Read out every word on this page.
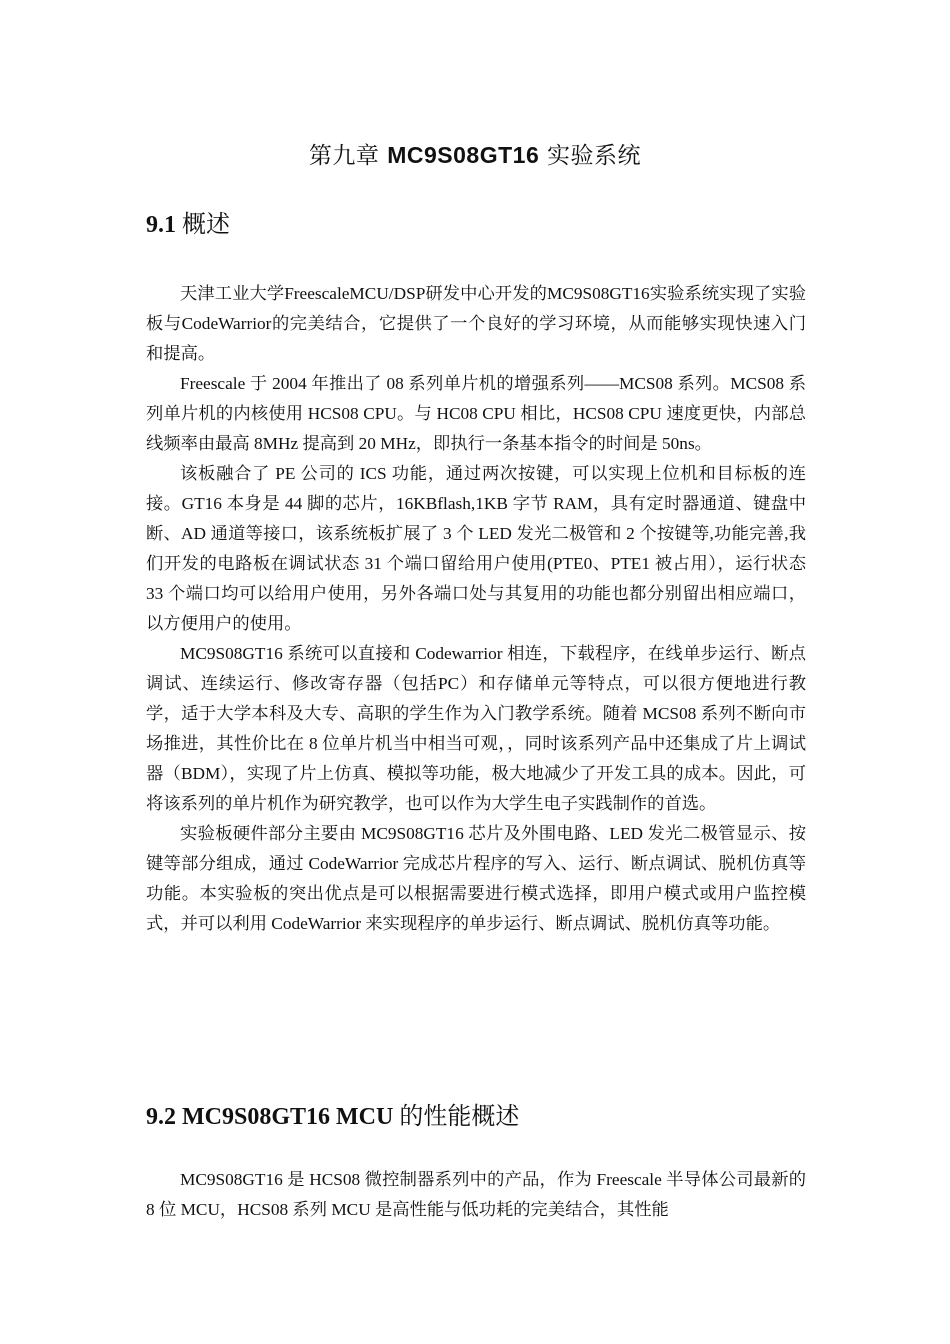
第九章 MC9S08GT16 实验系统
9.1 概述

天津工业大学FreescaleMCU/DSP研发中心开发的MC9S08GT16实验系统实现了实验板与CodeWarrior的完美结合，它提供了一个良好的学习环境，从而能够实现快速入门和提高。

Freescale 于 2004 年推出了 08 系列单片机的增强系列——MCS08 系列。MCS08 系列单片机的内核使用 HCS08 CPU。与 HC08 CPU 相比，HCS08 CPU 速度更快，内部总线频率由最高 8MHz 提高到 20 MHz，即执行一条基本指令的时间是 50ns。

该板融合了 PE 公司的 ICS 功能，通过两次按键，可以实现上位机和目标板的连接。GT16 本身是 44 脚的芯片，16KBflash,1KB 字节 RAM，具有定时器通道、键盘中断、AD 通道等接口，该系统板扩展了 3 个 LED 发光二极管和 2 个按键等,功能完善,我们开发的电路板在调试状态 31 个端口留给用户使用(PTE0、PTE1 被占用），运行状态 33 个端口均可以给用户使用，另外各端口处与其复用的功能也都分别留出相应端口，以方便用户的使用。

MC9S08GT16 系统可以直接和 Codewarrior 相连，下载程序，在线单步运行、断点调试、连续运行、修改寄存器（包括PC）和存储单元等特点，可以很方便地进行教学，适于大学本科及大专、高职的学生作为入门教学系统。随着 MCS08 系列不断向市场推进，其性价比在 8 位单片机当中相当可观，，同时该系列产品中还集成了片上调试器（BDM），实现了片上仿真、模拟等功能，极大地减少了开发工具的成本。因此，可将该系列的单片机作为研究教学，也可以作为大学生电子实践制作的首选。

实验板硬件部分主要由 MC9S08GT16 芯片及外围电路、LED 发光二极管显示、按键等部分组成，通过 CodeWarrior 完成芯片程序的写入、运行、断点调试、脱机仿真等功能。本实验板的突出优点是可以根据需要进行模式选择，即用户模式或用户监控模式，并可以利用 CodeWarrior 来实现程序的单步运行、断点调试、脱机仿真等功能。

9.2 MC9S08GT16 MCU 的性能概述

MC9S08GT16 是 HCS08 微控制器系列中的产品，作为 Freescale 半导体公司最新的 8 位 MCU，HCS08 系列 MCU 是高性能与低功耗的完美结合，其性能
